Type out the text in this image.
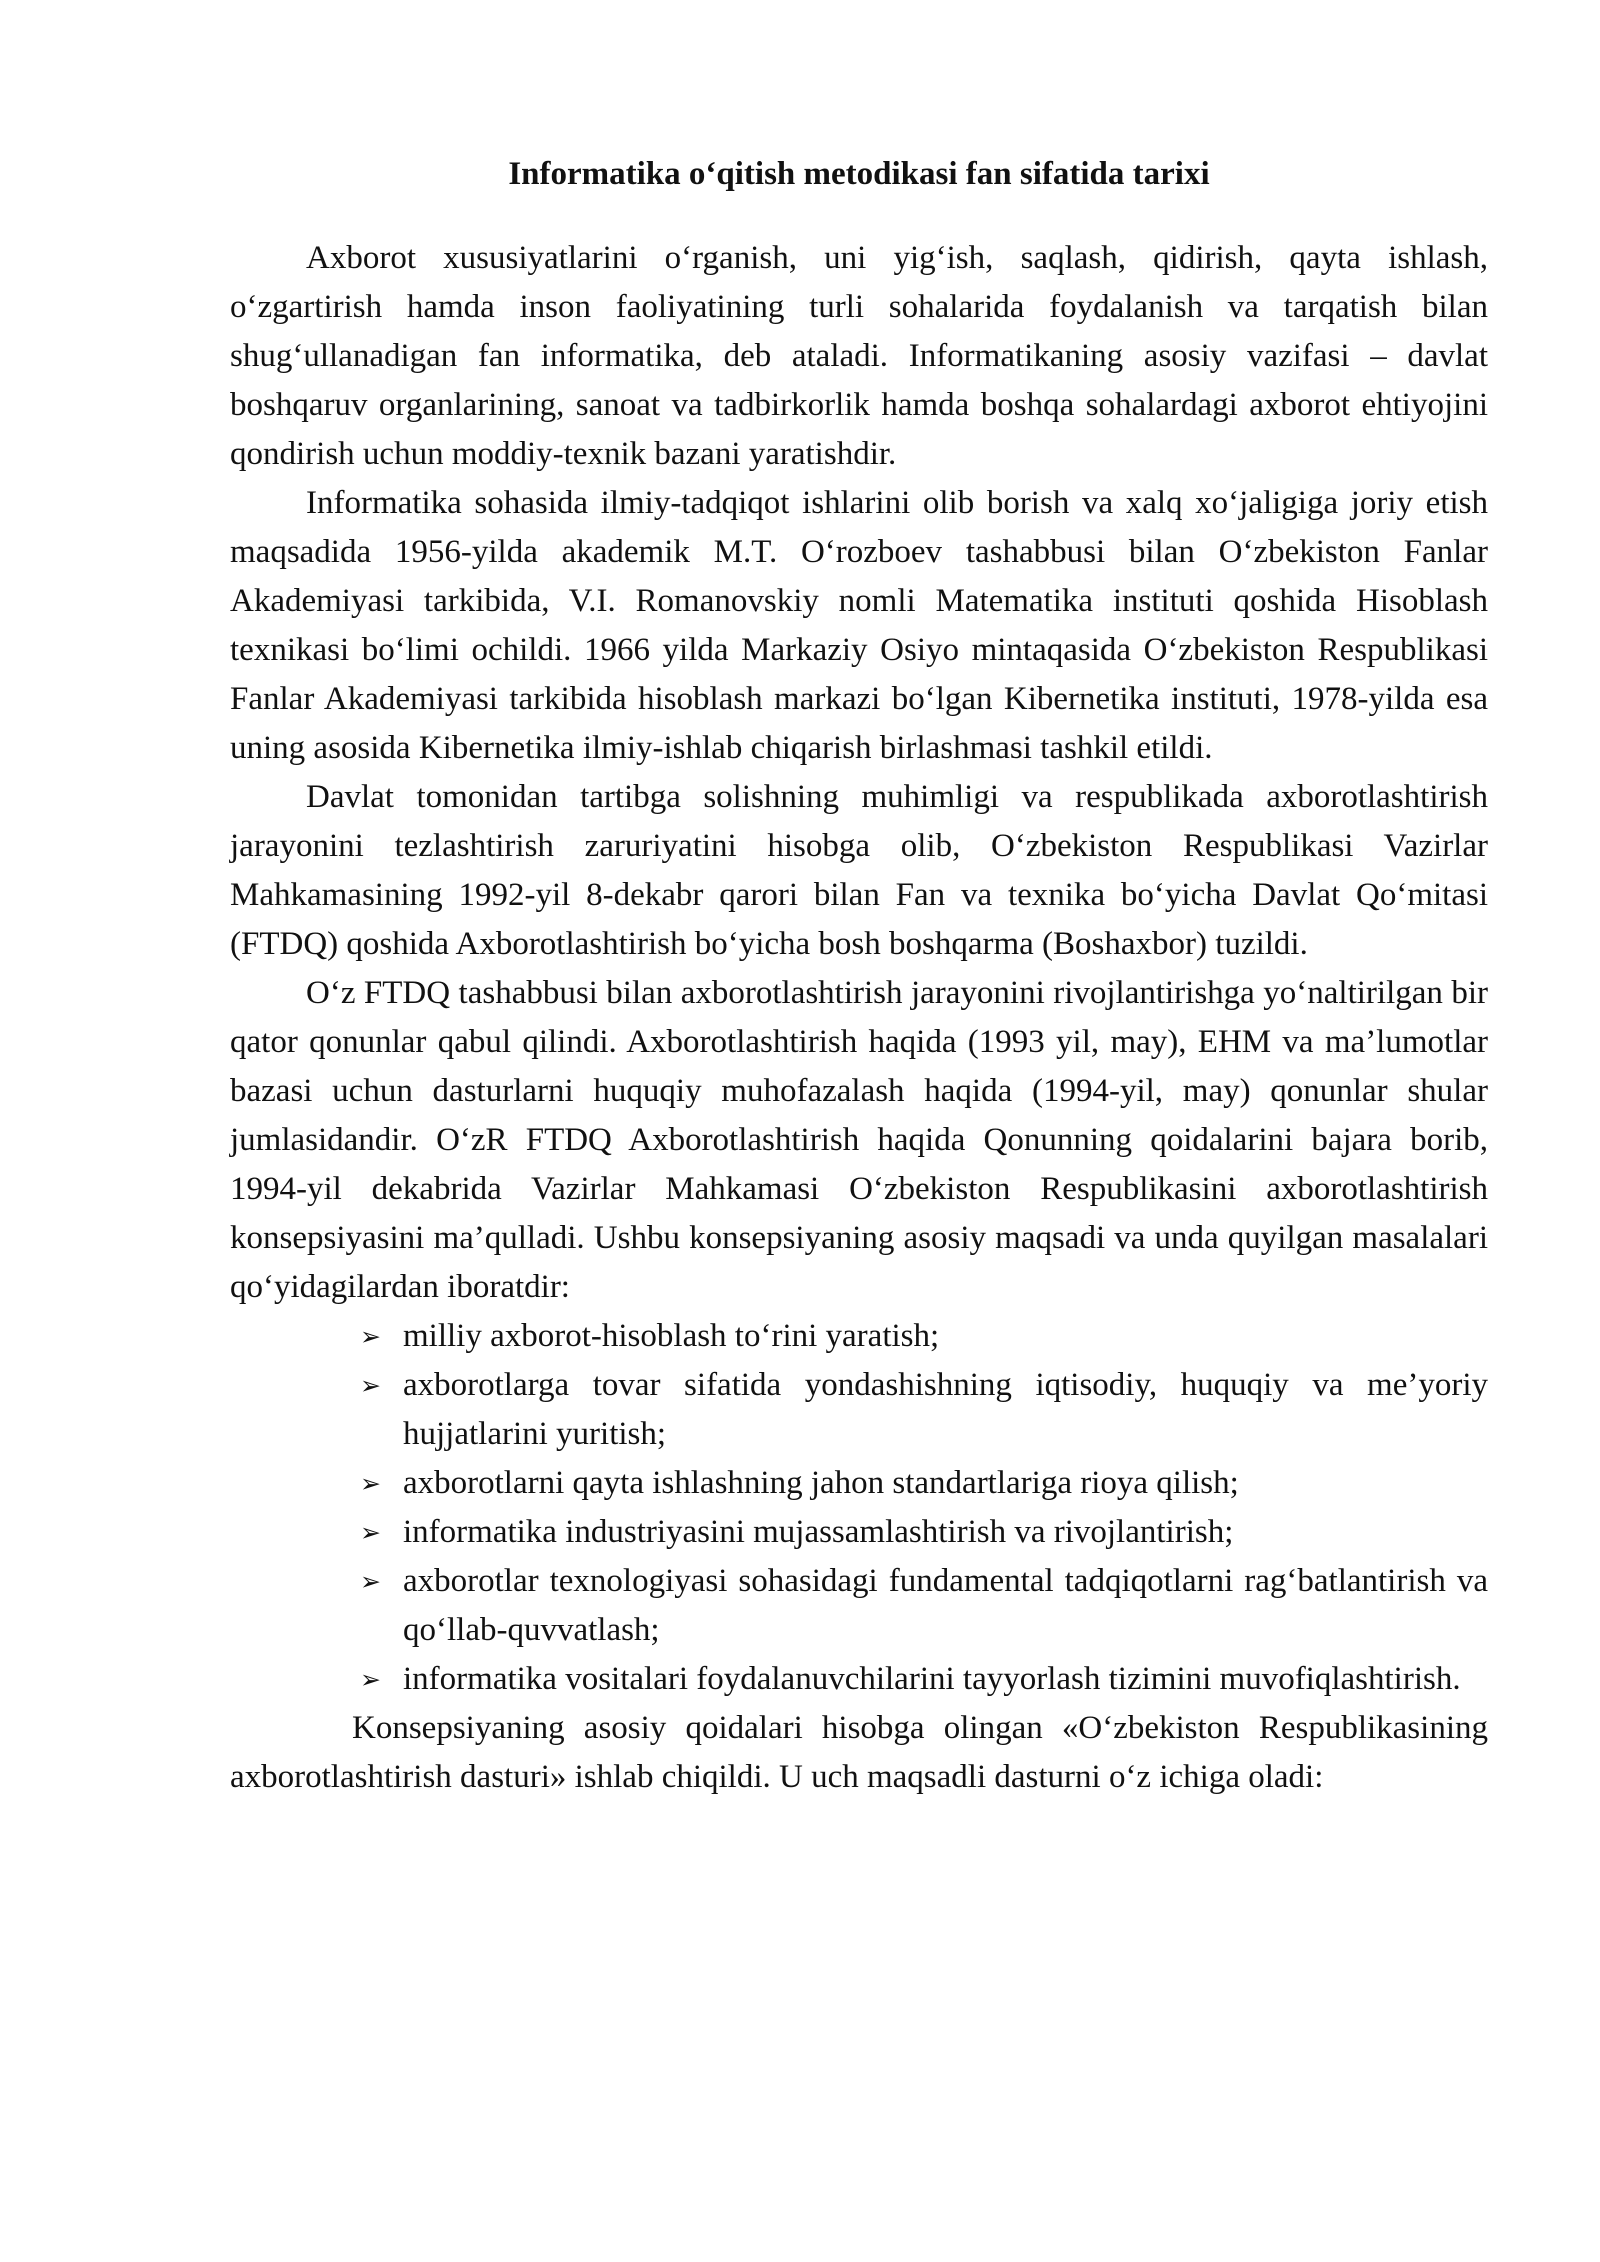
Informatika o‘qitish metodikasi fan sifatida tarixi

Axborot xususiyatlarini o‘rganish, uni yig‘ish, saqlash, qidirish, qayta ishlash, o‘zgartirish hamda inson faoliyatining turli sohalarida foydalanish va tarqatish bilan shug‘ullanadigan fan informatika, deb ataladi. Informatikaning asosiy vazifasi – davlat boshqaruv organlarining, sanoat va tadbirkorlik hamda boshqa sohalardagi axborot ehtiyojini qondirish uchun moddiy-texnik bazani yaratishdir.

Informatika sohasida ilmiy-tadqiqot ishlarini olib borish va xalq xo‘jaligiga joriy etish maqsadida 1956-yilda akademik M.T. O‘rozboev tashabbusi bilan O‘zbekiston Fanlar Akademiyasi tarkibida, V.I. Romanovskiy nomli Matematika instituti qoshida Hisoblash texnikasi bo‘limi ochildi. 1966 yilda Markaziy Osiyo mintaqasida O‘zbekiston Respublikasi Fanlar Akademiyasi tarkibida hisoblash markazi bo‘lgan Kibernetika instituti, 1978-yilda esa uning asosida Kibernetika ilmiy-ishlab chiqarish birlashmasi tashkil etildi.

Davlat tomonidan tartibga solishning muhimligi va respublikada axborotlashtirish jarayonini tezlashtirish zaruriyatini hisobga olib, O‘zbekiston Respublikasi Vazirlar Mahkamasining 1992-yil 8-dekabr qarori bilan Fan va texnika bo‘yicha Davlat Qo‘mitasi (FTDQ) qoshida Axborotlashtirish bo‘yicha bosh boshqarma (Boshaxbor) tuzildi.

O‘z FTDQ tashabbusi bilan axborotlashtirish jarayonini rivojlantirishga yo‘naltirilgan bir qator qonunlar qabul qilindi. Axborotlashtirish haqida (1993 yil, may), EHM va ma’lumotlar bazasi uchun dasturlarni huquqiy muhofazalash haqida (1994-yil, may) qonunlar shular jumlasidandir. O‘zR FTDQ Axborotlashtirish haqida Qonunning qoidalarini bajara borib, 1994-yil dekabrida Vazirlar Mahkamasi O‘zbekiston Respublikasini axborotlashtirish konsepsiyasini ma’qulladi. Ushbu konsepsiyaning asosiy maqsadi va unda quyilgan masalalari qo‘yidagilardan iboratdir:

➢ milliy axborot-hisoblash to‘rini yaratish;
➢ axborotlarga tovar sifatida yondashishning iqtisodiy, huquqiy va me’yoriy hujjatlarini yuritish;
➢ axborotlarni qayta ishlashning jahon standartlariga rioya qilish;
➢ informatika industriyasini mujassamlashtirish va rivojlantirish;
➢ axborotlar texnologiyasi sohasidagi fundamental tadqiqotlarni rag‘batlantirish va qo‘llab-quvvatlash;
➢ informatika vositalari foydalanuvchilarini tayyorlash tizimini muvofiqlashtirish.

Konsepsiyaning asosiy qoidalari hisobga olingan «O‘zbekiston Respublikasining axborotlashtirish dasturi» ishlab chiqildi. U uch maqsadli dasturni o‘z ichiga oladi:
